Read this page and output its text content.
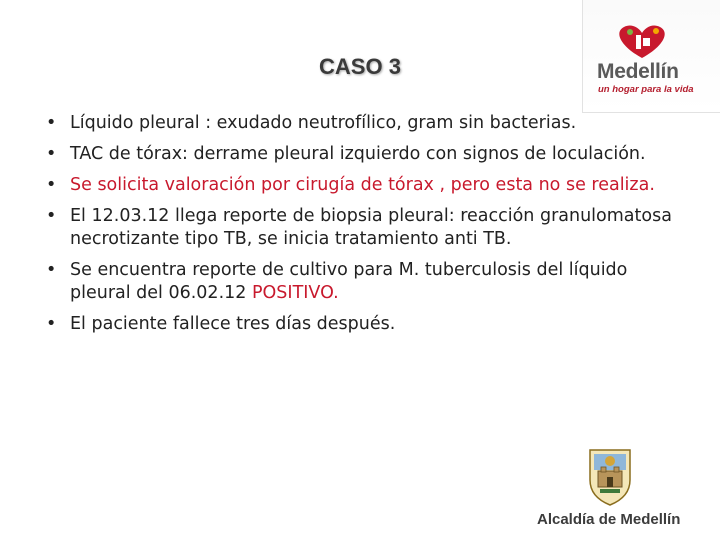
CASO 3	Medellín
un hogar para la vida
• Líquido pleural : exudado neutrofílico, gram sin bacterias.
• TAC de tórax: derrame pleural izquierdo con signos de loculación.
• Se solicita valoración por cirugía de tórax , pero esta no se realiza.
• El 12.03.12 llega reporte de biopsia pleural: reacción granulomatosa necrotizante tipo TB, se inicia tratamiento anti TB.
• Se encuentra reporte de cultivo para M. tuberculosis del líquido pleural del 06.02.12 POSITIVO.
• El paciente fallece tres días después.
Alcaldía de Medellín
